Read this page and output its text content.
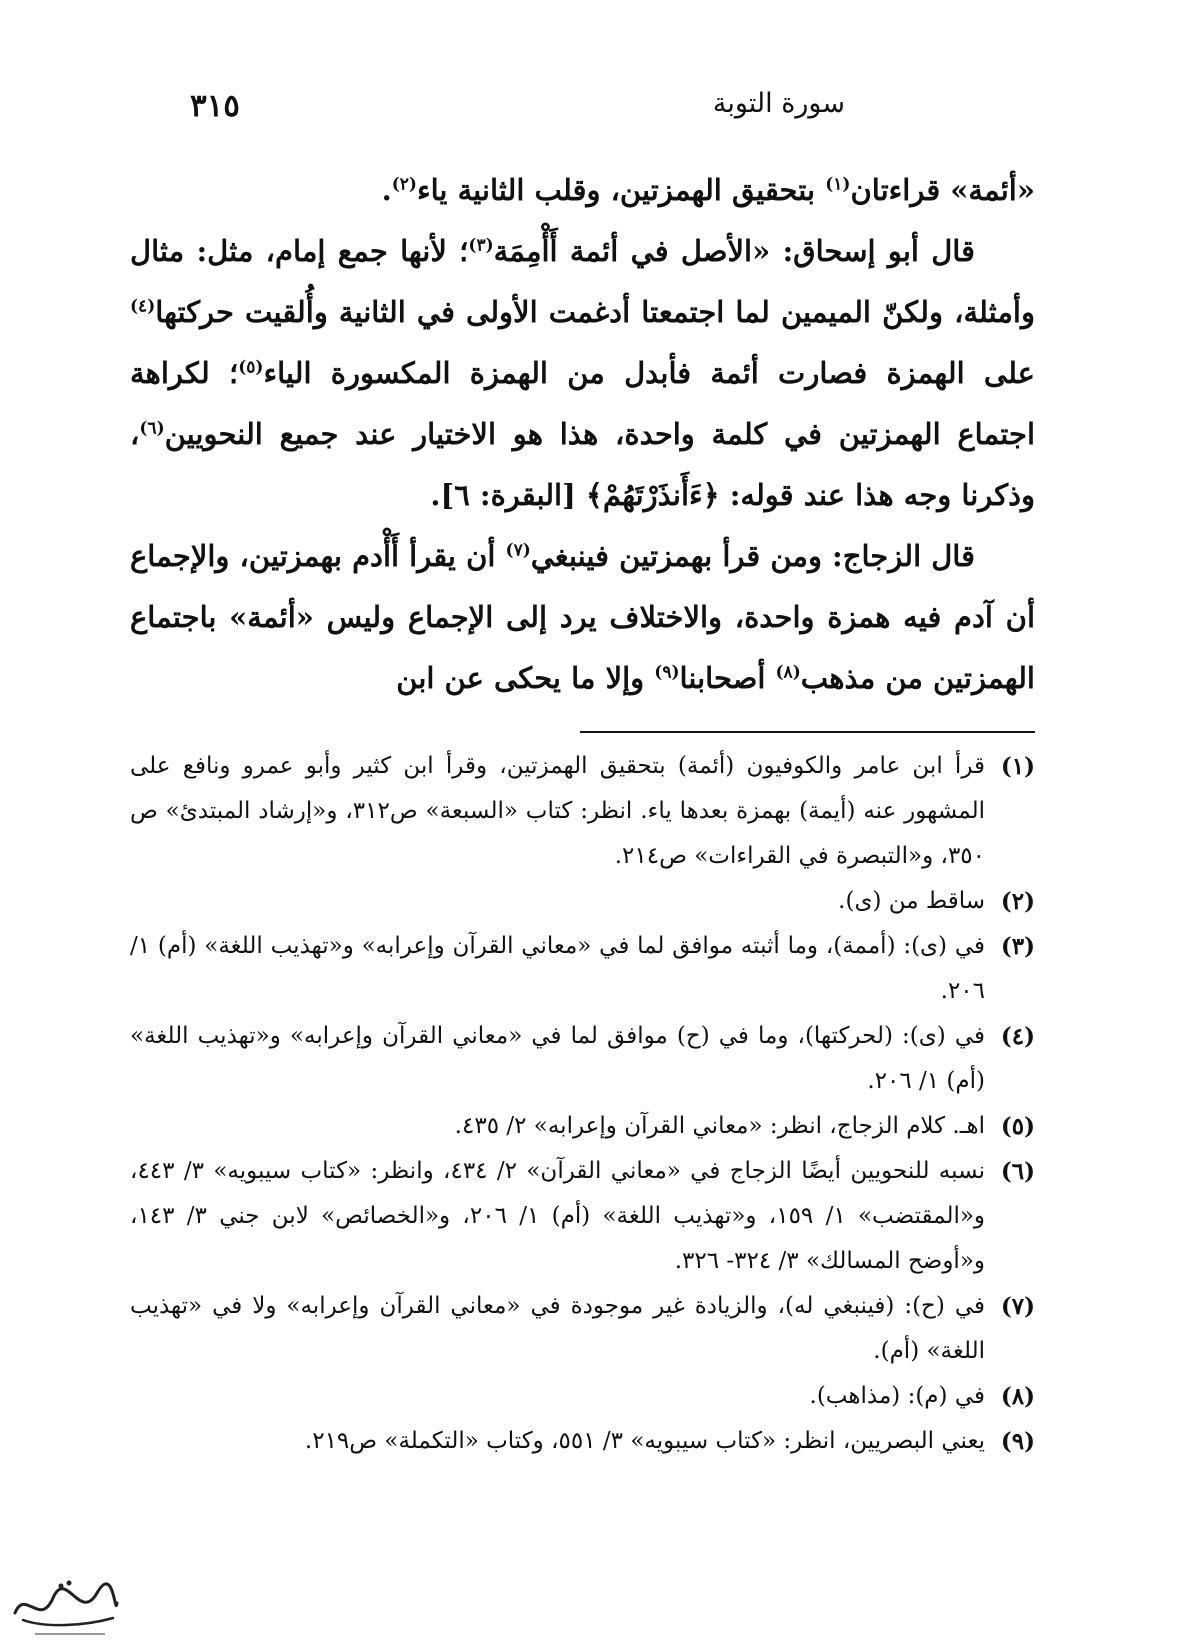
سورة التوبة
٣١٥

«أئمة» قراءتان$^{(١)}$ بتحقيق الهمزتين، وقلب الثانية ياء$^{(٢)}$.

قال أبو إسحاق: «الأصل في أئمة أَأْمِمَة$^{(٣)}$؛ لأنها جمع إمام، مثل: مثال وأمثلة، ولكنّ الميمين لما اجتمعتا أدغمت الأولى في الثانية وأُلقيت حركتها$^{(٤)}$ على الهمزة فصارت أئمة فأبدل من الهمزة المكسورة الياء$^{(٥)}$؛ لكراهة اجتماع الهمزتين في كلمة واحدة، هذا هو الاختيار عند جميع النحويين$^{(٦)}$، وذكرنا وجه هذا عند قوله: ﴿ءَأَنذَرْتَهُمْ﴾ [البقرة: ٦].

قال الزجاج: ومن قرأ بهمزتين فينبغي$^{(٧)}$ أن يقرأ أَأْدم بهمزتين، والإجماع أن آدم فيه همزة واحدة، والاختلاف يرد إلى الإجماع وليس «أئمة» باجتماع الهمزتين من مذهب$^{(٨)}$ أصحابنا$^{(٩)}$ وإلا ما يحكى عن ابن

(١)
قرأ ابن عامر والكوفيون (أئمة) بتحقيق الهمزتين، وقرأ ابن كثير وأبو عمرو ونافع على المشهور عنه (أيمة) بهمزة بعدها ياء. انظر: كتاب «السبعة» ص٣١٢، و«إرشاد المبتدئ» ص ٣٥٠، و«التبصرة في القراءات» ص٢١٤.
(٢)
ساقط من (ى).
(٣)
في (ى): (أممة)، وما أثبته موافق لما في «معاني القرآن وإعرابه» و«تهذيب اللغة» (أم) ١/ ٢٠٦.
(٤)
في (ى): (لحركتها)، وما في (ح) موافق لما في «معاني القرآن وإعرابه» و«تهذيب اللغة» (أم) ١/ ٢٠٦.
(٥)
اهـ. كلام الزجاج، انظر: «معاني القرآن وإعرابه» ٢/ ٤٣٥.
(٦)
نسبه للنحويين أيضًا الزجاج في «معاني القرآن» ٢/ ٤٣٤، وانظر: «كتاب سيبويه» ٣/ ٤٤٣، و«المقتضب» ١/ ١٥٩، و«تهذيب اللغة» (أم) ١/ ٢٠٦، و«الخصائص» لابن جني ٣/ ١٤٣، و«أوضح المسالك» ٣/ ٣٢٤- ٣٢٦.
(٧)
في (ح): (فينبغي له)، والزيادة غير موجودة في «معاني القرآن وإعرابه» ولا في «تهذيب اللغة» (أم).
(٨)
في (م): (مذاهب).
(٩)
يعني البصريين، انظر: «كتاب سيبويه» ٣/ ٥٥١، وكتاب «التكملة» ص٢١٩.
